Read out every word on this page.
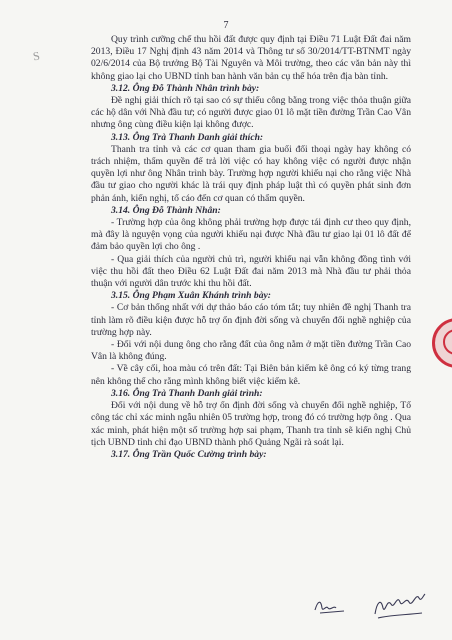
7
S

Quy trình cưỡng chế thu hồi đất được quy định tại Điều 71 Luật Đất đai năm 2013, Điều 17 Nghị định 43 năm 2014 và Thông tư số 30/2014/TT-BTNMT ngày 02/6/2014 của Bộ trưởng Bộ Tài Nguyên và Môi trường, theo các văn bản này thì không giao lại cho UBND tỉnh ban hành văn bản cụ thể hóa trên địa bàn tỉnh.

3.12. Ông Đỗ Thành Nhân trình bày:

Đề nghị giải thích rõ tại sao có sự thiếu công bằng trong việc thỏa thuận giữa các hộ dân với Nhà đầu tư; có người được giao 01 lô mặt tiền đường Trần Cao Vân nhưng ông cùng điều kiện lại không được.

3.13. Ông Trà Thanh Danh giải thích:

Thanh tra tỉnh và các cơ quan tham gia buổi đối thoại ngày hay không có trách nhiệm, thẩm quyền để trả lời việc có hay không việc có người được nhận quyền lợi như ông Nhân trình bày. Trường hợp người khiếu nại cho rằng việc Nhà đầu tư giao cho người khác là trái quy định pháp luật thì có quyền phát sinh đơn phản ánh, kiến nghị, tố cáo đến cơ quan có thẩm quyền.

3.14. Ông Đỗ Thành Nhân:

- Trường hợp của ông không phải trường hợp được tái định cư theo quy định, mà đây là nguyện vọng của người khiếu nại được Nhà đầu tư giao lại 01 lô đất để đảm bảo quyền lợi cho ông .

- Qua giải thích của người chủ trì, người khiếu nại vẫn không đồng tình với việc thu hồi đất theo Điều 62 Luật Đất đai năm 2013 mà Nhà đầu tư phải thỏa thuận với người dân trước khi thu hồi đất.

3.15. Ông Phạm Xuân Khánh trình bày:

- Cơ bản thống nhất với dự thảo báo cáo tóm tắt; tuy nhiên đề nghị Thanh tra tỉnh làm rõ điều kiện được hỗ trợ ổn định đời sống và chuyển đổi nghề nghiệp của trường hợp này.

- Đối với nội dung ông cho rằng đất của ông nằm ở mặt tiền đường Trần Cao Vân là không đúng.

- Về cây cối, hoa màu có trên đất: Tại Biên bản kiểm kê ông có ký từng trang nên không thể cho rằng mình không biết việc kiểm kê.

3.16. Ông Trà Thanh Danh giải trình:

Đối với nội dung về hỗ trợ ổn định đời sống và chuyển đổi nghề nghiệp, Tổ công tác chỉ xác minh ngẫu nhiên 05 trường hợp, trong đó có trường hợp ông . Qua xác minh, phát hiện một số trường hợp sai phạm, Thanh tra tỉnh sẽ kiến nghị Chủ tịch UBND tỉnh chỉ đạo UBND thành phố Quảng Ngãi rà soát lại.

3.17. Ông Trần Quốc Cường trình bày:
